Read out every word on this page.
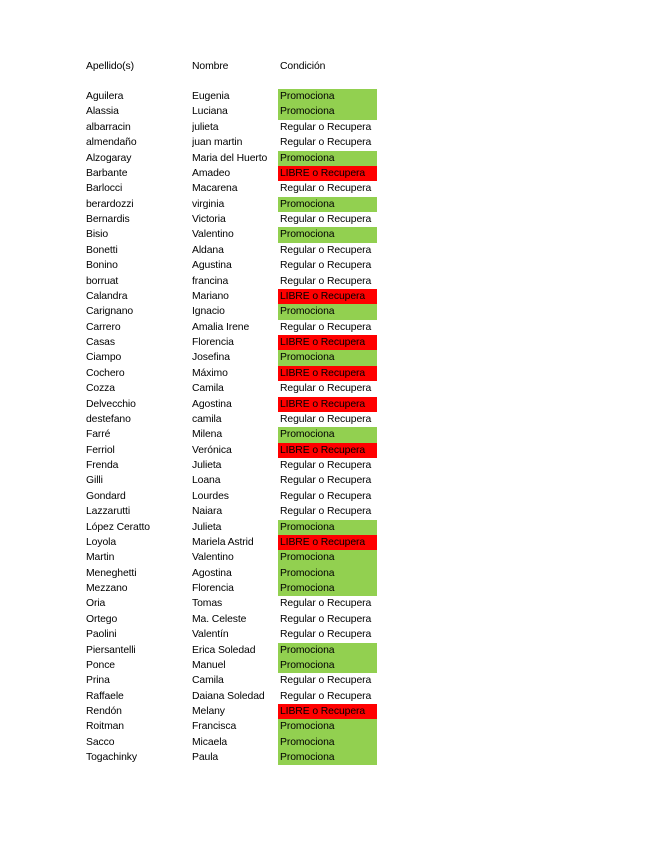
Apellido(s)	Nombre	Condición
Aguilera	Eugenia	Promociona
Alassia	Luciana	Promociona
albarracin	julieta	Regular o Recupera
almendaño	juan martin	Regular o Recupera
Alzogaray	Maria del Huerto	Promociona
Barbante	Amadeo	LIBRE o Recupera
Barlocci	Macarena	Regular o Recupera
berardozzi	virginia	Promociona
Bernardis	Victoria	Regular o Recupera
Bisio	Valentino	Promociona
Bonetti	Aldana	Regular o Recupera
Bonino	Agustina	Regular o Recupera
borruat	francina	Regular o Recupera
Calandra	Mariano	LIBRE o Recupera
Carignano	Ignacio	Promociona
Carrero	Amalia Irene	Regular o Recupera
Casas	Florencia	LIBRE o Recupera
Ciampo	Josefina	Promociona
Cochero	Máximo	LIBRE o Recupera
Cozza	Camila	Regular o Recupera
Delvecchio	Agostina	LIBRE o Recupera
destefano	camila	Regular o Recupera
Farré	Milena	Promociona
Ferriol	Verónica	LIBRE o Recupera
Frenda	Julieta	Regular o Recupera
Gilli	Loana	Regular o Recupera
Gondard	Lourdes	Regular o Recupera
Lazzarutti	Naiara	Regular o Recupera
López Ceratto	Julieta	Promociona
Loyola	Mariela Astrid	LIBRE o Recupera
Martin	Valentino	Promociona
Meneghetti	Agostina	Promociona
Mezzano	Florencia	Promociona
Oria	Tomas	Regular o Recupera
Ortego	Ma. Celeste	Regular o Recupera
Paolini	Valentín	Regular o Recupera
Piersantelli	Erica Soledad	Promociona
Ponce	Manuel	Promociona
Prina	Camila	Regular o Recupera
Raffaele	Daiana Soledad	Regular o Recupera
Rendón	Melany	LIBRE o Recupera
Roitman	Francisca	Promociona
Sacco	Micaela	Promociona
Togachinky	Paula	Promociona
